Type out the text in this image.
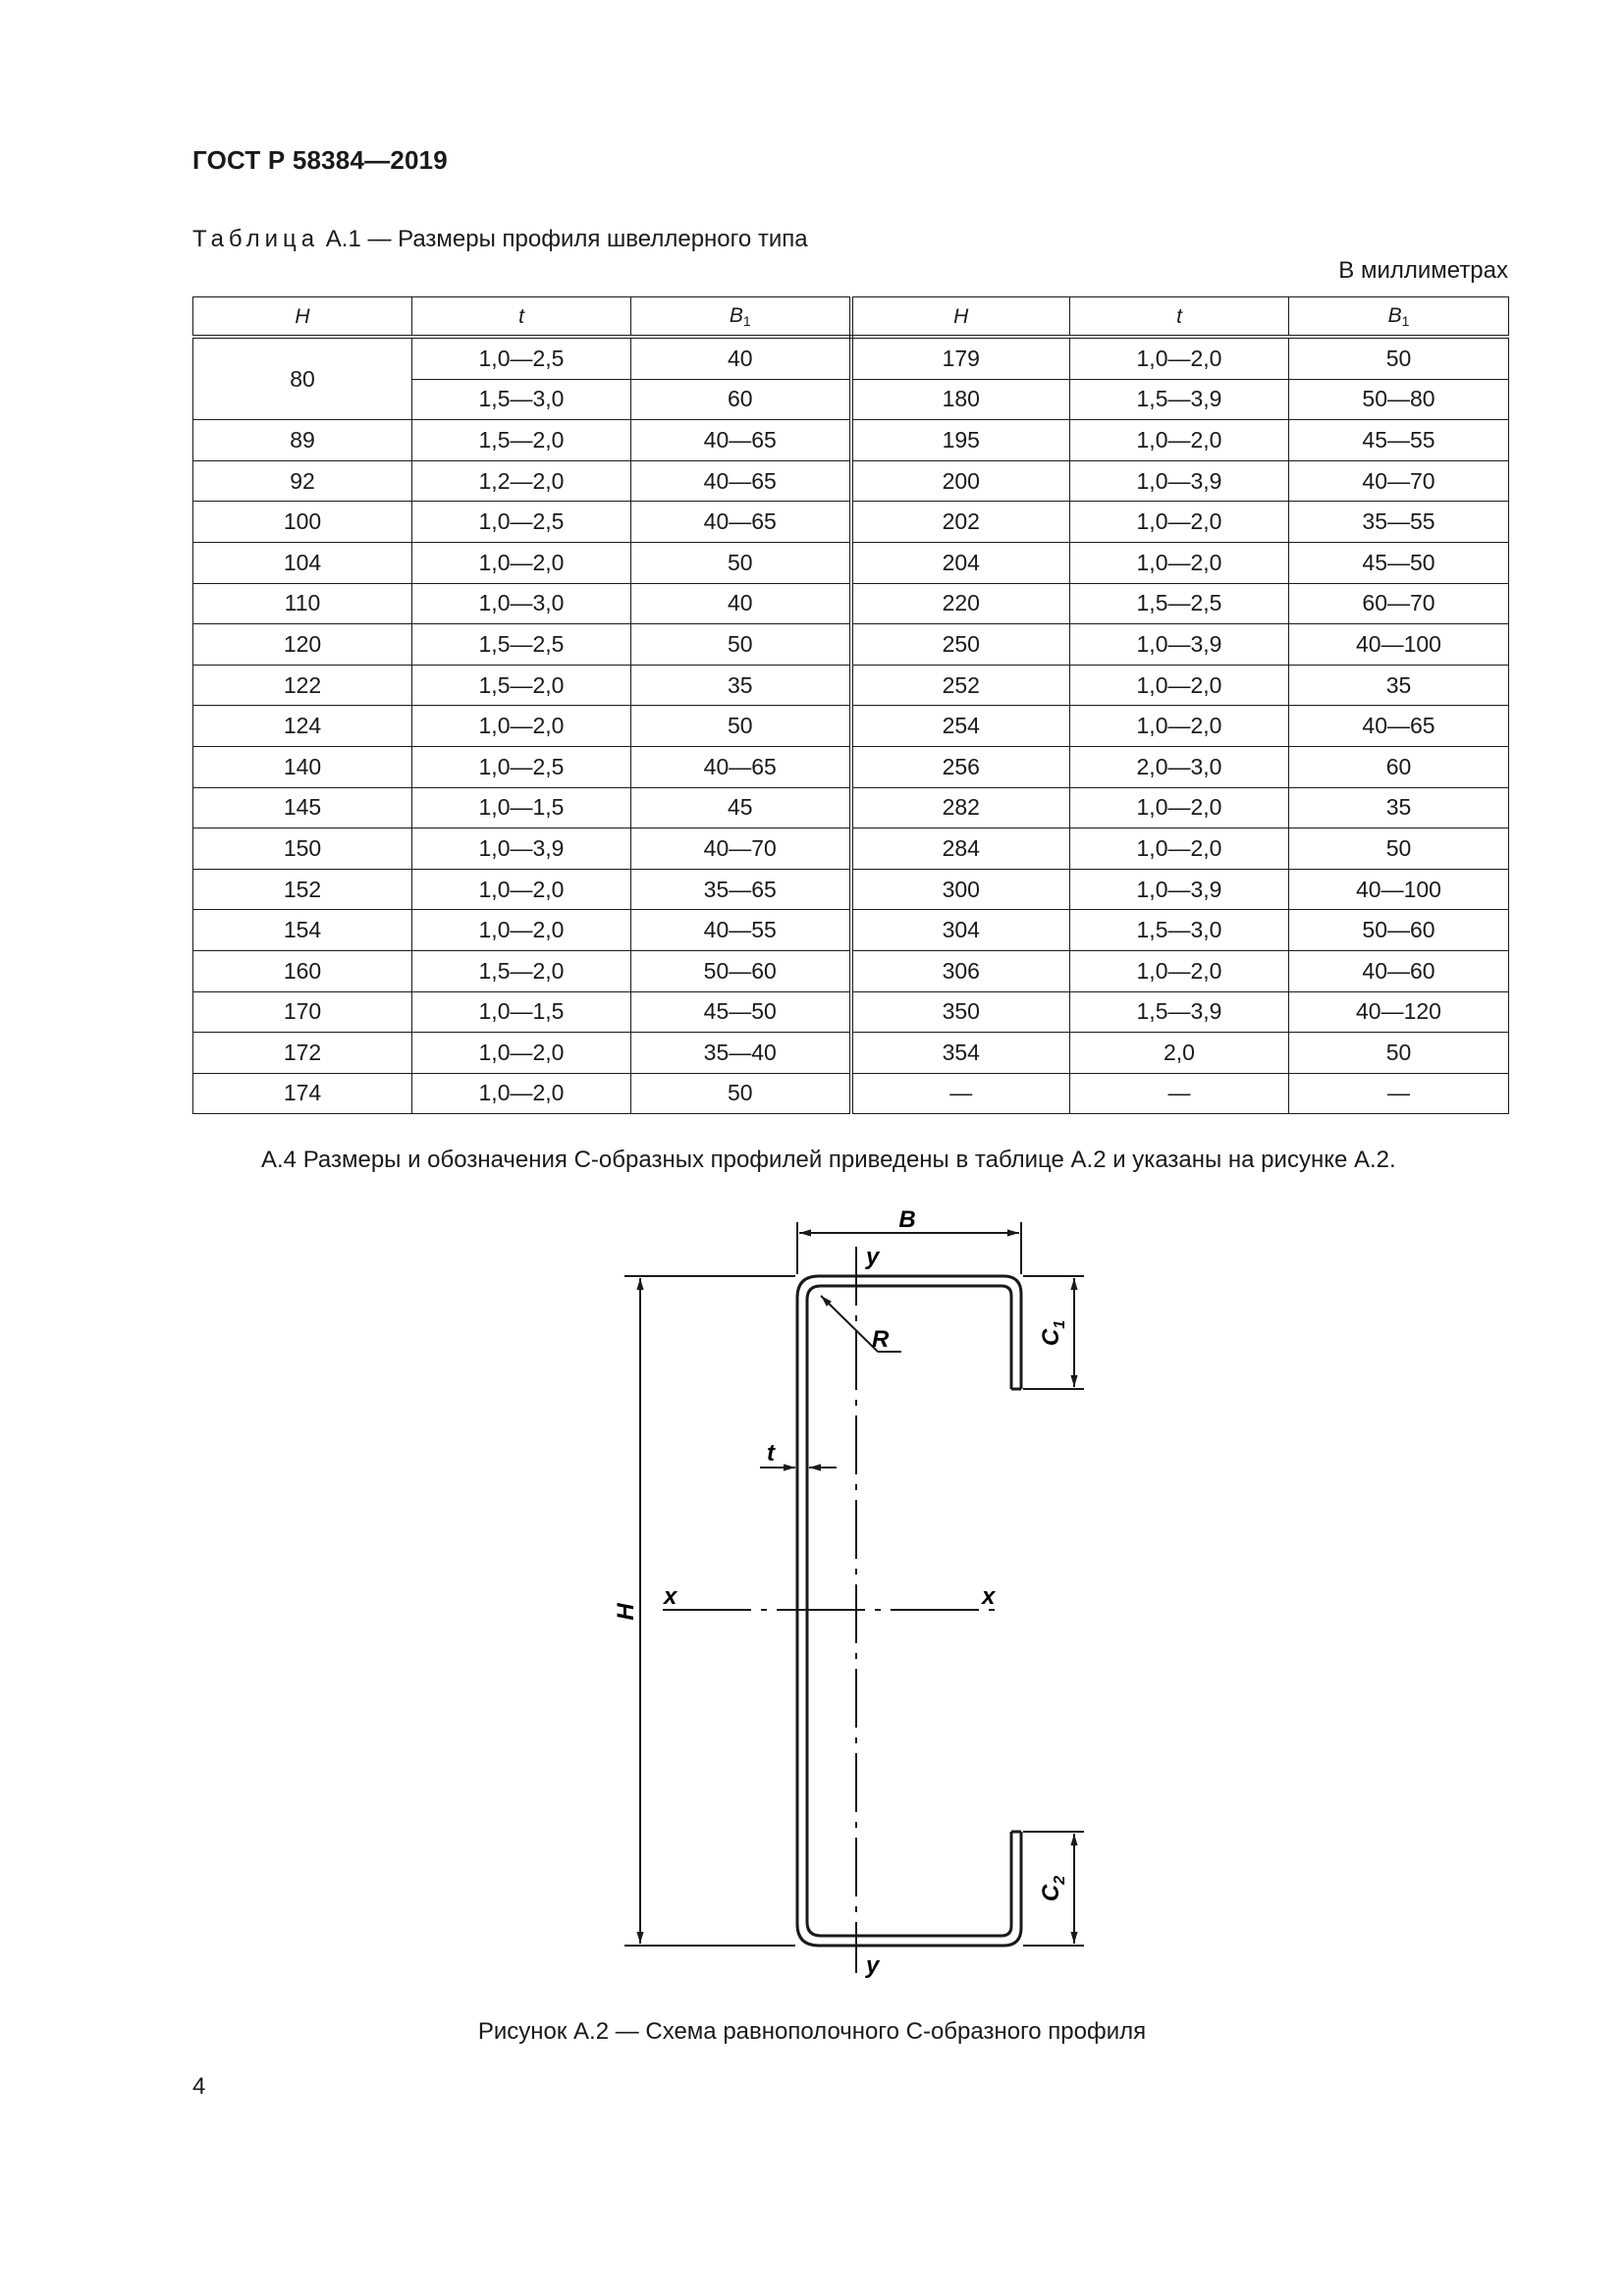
ГОСТ Р 58384—2019
Таблица А.1 — Размеры профиля швеллерного типа
В миллиметрах
H	t	$B_1$	H	t	$B_1$
80	1,0—2,5	40	179	1,0—2,0	50
	1,5—3,0	60	180	1,5—3,9	50—80
89	1,5—2,0	40—65	195	1,0—2,0	45—55
92	1,2—2,0	40—65	200	1,0—3,9	40—70
100	1,0—2,5	40—65	202	1,0—2,0	35—55
104	1,0—2,0	50	204	1,0—2,0	45—50
110	1,0—3,0	40	220	1,5—2,5	60—70
120	1,5—2,5	50	250	1,0—3,9	40—100
122	1,5—2,0	35	252	1,0—2,0	35
124	1,0—2,0	50	254	1,0—2,0	40—65
140	1,0—2,5	40—65	256	2,0—3,0	60
145	1,0—1,5	45	282	1,0—2,0	35
150	1,0—3,9	40—70	284	1,0—2,0	50
152	1,0—2,0	35—65	300	1,0—3,9	40—100
154	1,0—2,0	40—55	304	1,5—3,0	50—60
160	1,5—2,0	50—60	306	1,0—2,0	40—60
170	1,0—1,5	45—50	350	1,5—3,9	40—120
172	1,0—2,0	35—40	354	2,0	50
174	1,0—2,0	50	—	—	—
А.4 Размеры и обозначения С-образных профилей приведены в таблице А.2 и указаны на рисунке А.2.
B
y
y
R
t
H
x	x
$C_1$
$C_2$
Рисунок А.2 — Схема равнополочного С-образного профиля
4
